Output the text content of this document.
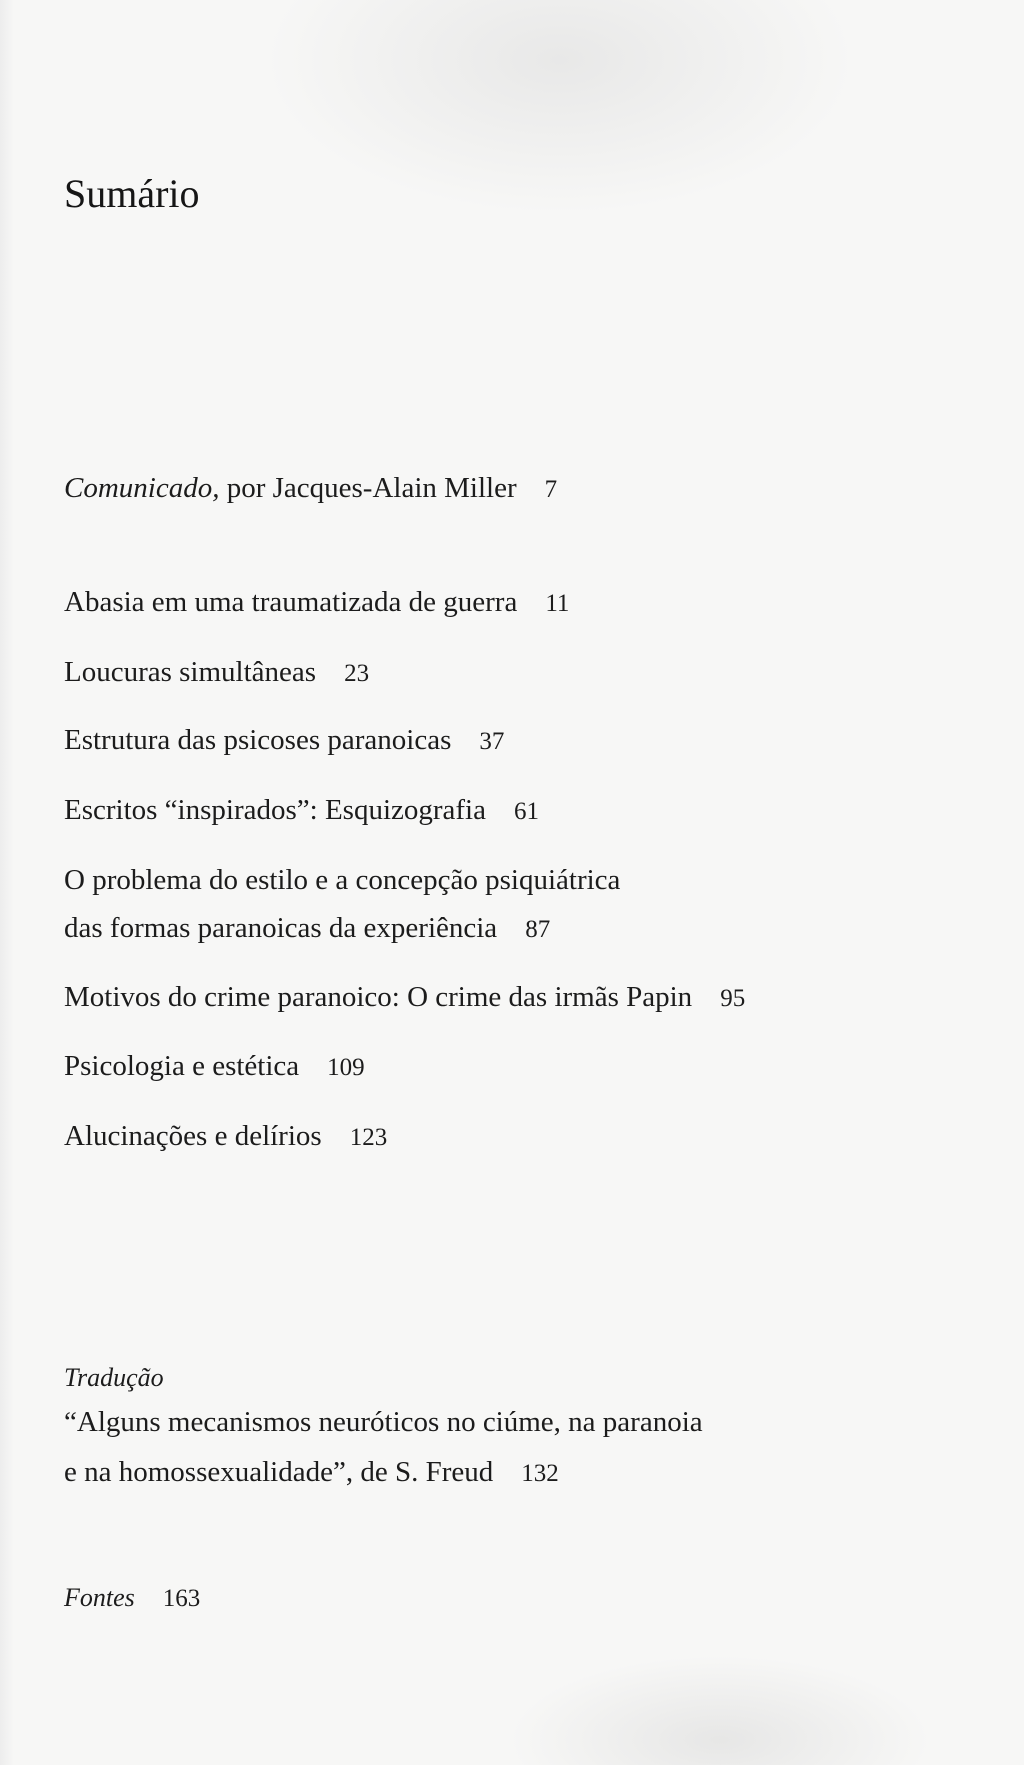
Sumário
Comunicado, por Jacques-Alain Miller 7
Abasia em uma traumatizada de guerra 11
Loucuras simultâneas 23
Estrutura das psicoses paranoicas 37
Escritos “inspirados”: Esquizografia 61
O problema do estilo e a concepção psiquiátrica
das formas paranoicas da experiência 87
Motivos do crime paranoico: O crime das irmãs Papin 95
Psicologia e estética 109
Alucinações e delírios 123
Tradução
“Alguns mecanismos neuróticos no ciúme, na paranoia
e na homossexualidade”, de S. Freud 132
Fontes 163
